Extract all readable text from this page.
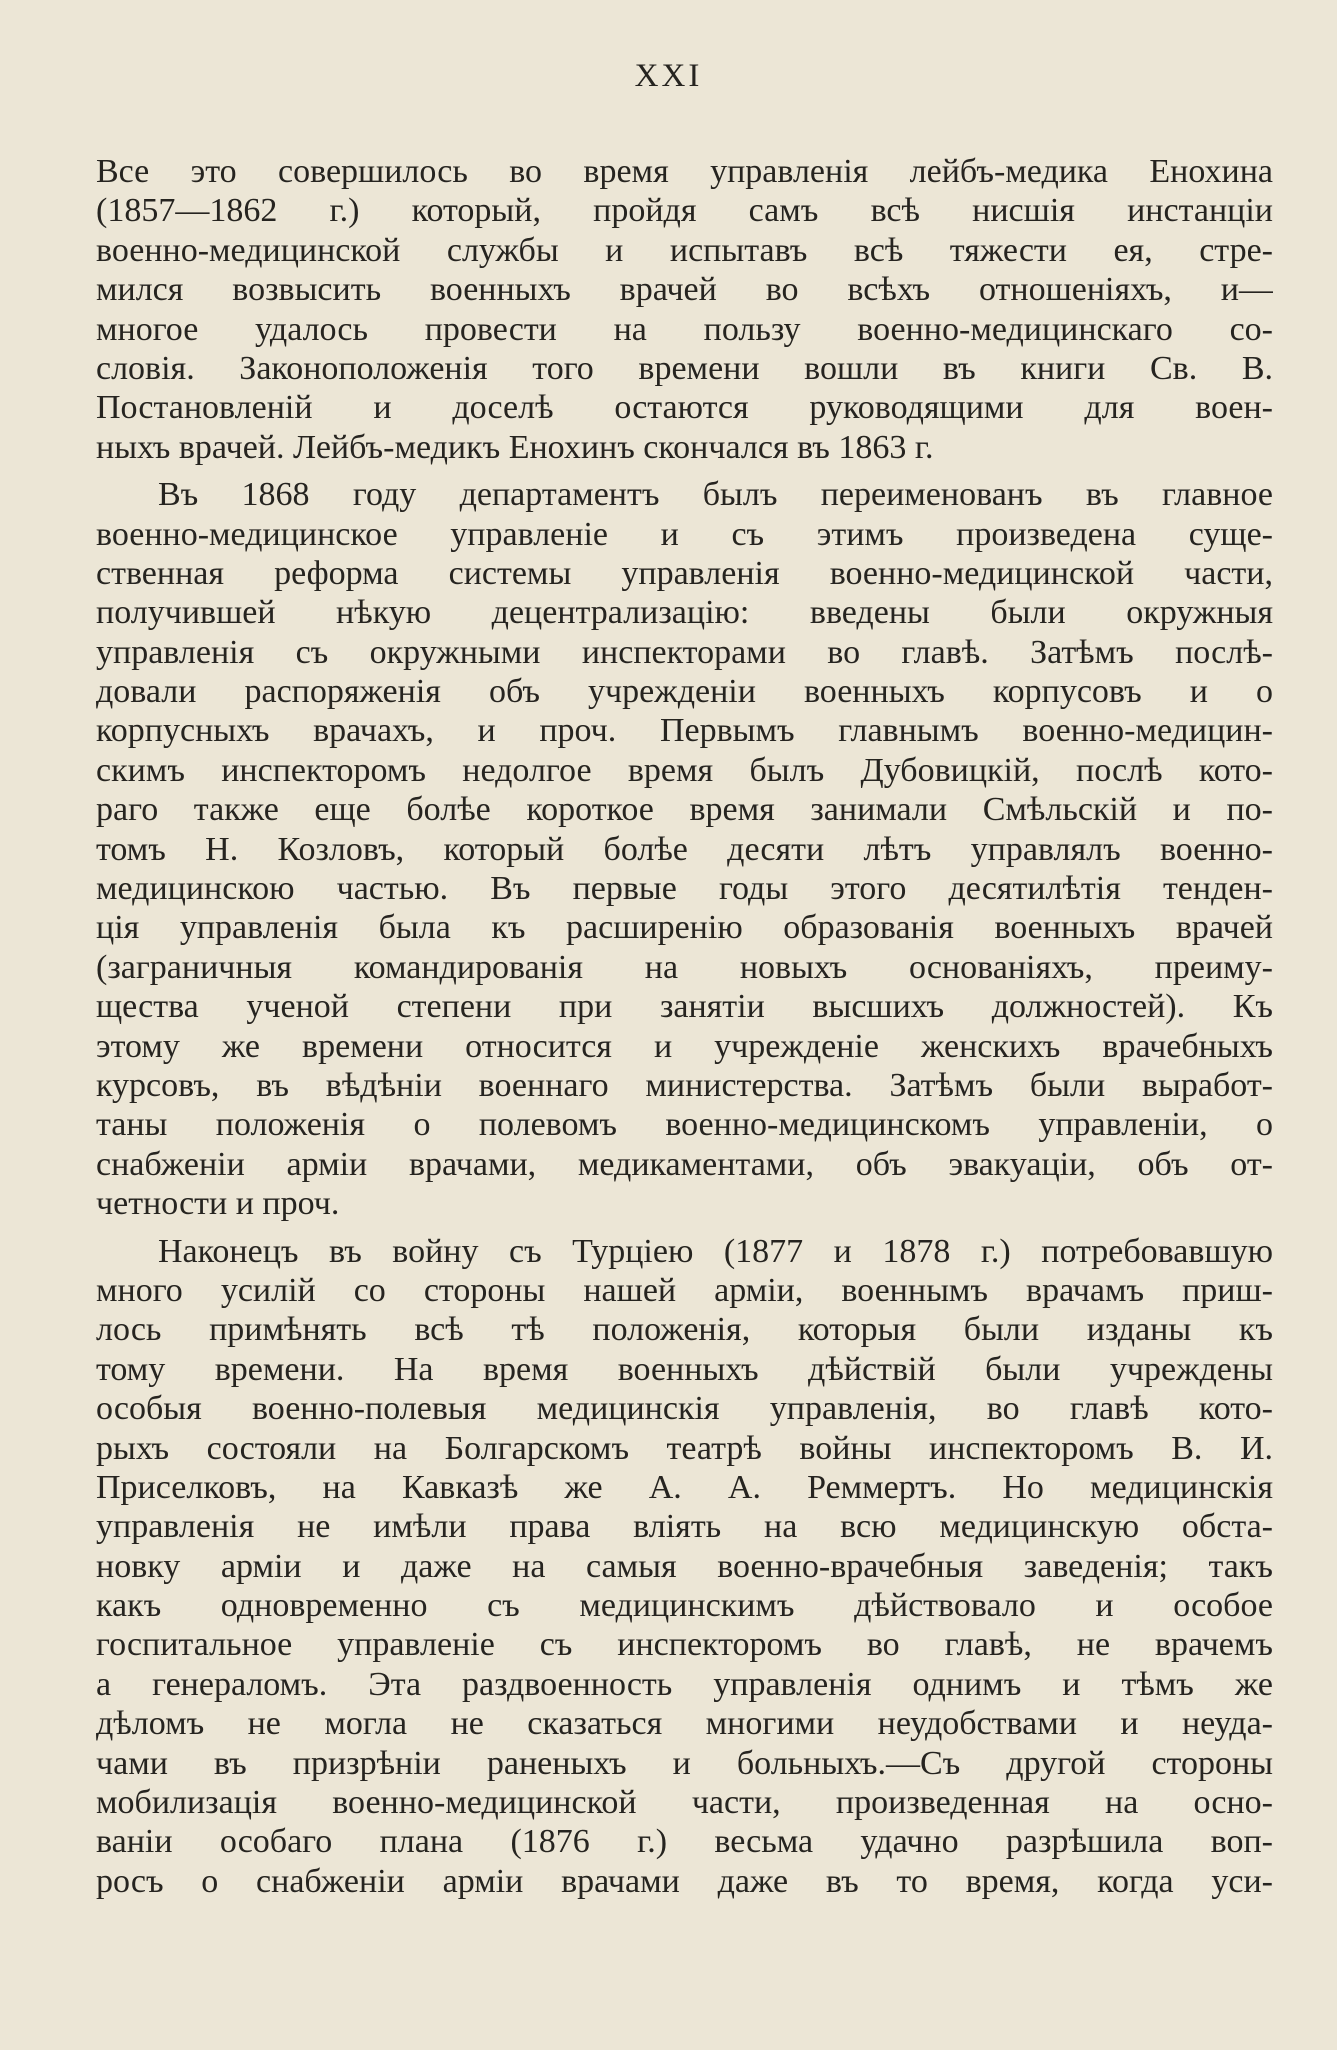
XXI
Все это совершилось во время управленія лейбъ-медика Енохина
(1857—1862 г.) который, пройдя самъ всѣ нисшія инстанціи
военно-медицинской службы и испытавъ всѣ тяжести ея, стре-
мился возвысить военныхъ врачей во всѣхъ отношеніяхъ, и—
многое удалось провести на пользу военно-медицинскаго со-
словія. Законоположенія того времени вошли въ книги Св. В.
Постановленій и доселѣ остаются руководящими для воен-
ныхъ врачей. Лейбъ-медикъ Енохинъ скончался въ 1863 г.
Въ 1868 году департаментъ былъ переименованъ въ главное
военно-медицинское управленіе и съ этимъ произведена суще-
ственная реформа системы управленія военно-медицинской части,
получившей нѣкую децентрализацію: введены были окружныя
управленія съ окружными инспекторами во главѣ. Затѣмъ послѣ-
довали распоряженія объ учрежденіи военныхъ корпусовъ и о
корпусныхъ врачахъ, и проч. Первымъ главнымъ военно-медицин-
скимъ инспекторомъ недолгое время былъ Дубовицкій, послѣ кото-
раго также еще болѣе короткое время занимали Смѣльскій и по-
томъ Н. Козловъ, который болѣе десяти лѣтъ управлялъ военно-
медицинскою частью. Въ первые годы этого десятилѣтія тенден-
ція управленія была къ расширенію образованія военныхъ врачей
(заграничныя командированія на новыхъ основаніяхъ, преиму-
щества ученой степени при занятіи высшихъ должностей). Къ
этому же времени относится и учрежденіе женскихъ врачебныхъ
курсовъ, въ вѣдѣніи военнаго министерства. Затѣмъ были выработ-
таны положенія о полевомъ военно-медицинскомъ управленіи, о
снабженіи арміи врачами, медикаментами, объ эвакуаціи, объ от-
четности и проч.
Наконецъ въ войну съ Турціею (1877 и 1878 г.) потребовавшую
много усилій со стороны нашей арміи, военнымъ врачамъ приш-
лось примѣнять всѣ тѣ положенія, которыя были изданы къ
тому времени. На время военныхъ дѣйствій были учреждены
особыя военно-полевыя медицинскія управленія, во главѣ кото-
рыхъ состояли на Болгарскомъ театрѣ войны инспекторомъ В. И.
Приселковъ, на Кавказѣ же А. А. Реммертъ. Но медицинскія
управленія не имѣли права вліять на всю медицинскую обста-
новку арміи и даже на самыя военно-врачебныя заведенія; такъ
какъ одновременно съ медицинскимъ дѣйствовало и особое
госпитальное управленіе съ инспекторомъ во главѣ, не врачемъ
а генераломъ. Эта раздвоенность управленія однимъ и тѣмъ же
дѣломъ не могла не сказаться многими неудобствами и неуда-
чами въ призрѣніи раненыхъ и больныхъ.—Съ другой стороны
мобилизація военно-медицинской части, произведенная на осно-
ваніи особаго плана (1876 г.) весьма удачно разрѣшила воп-
росъ о снабженіи арміи врачами даже въ то время, когда уси-
